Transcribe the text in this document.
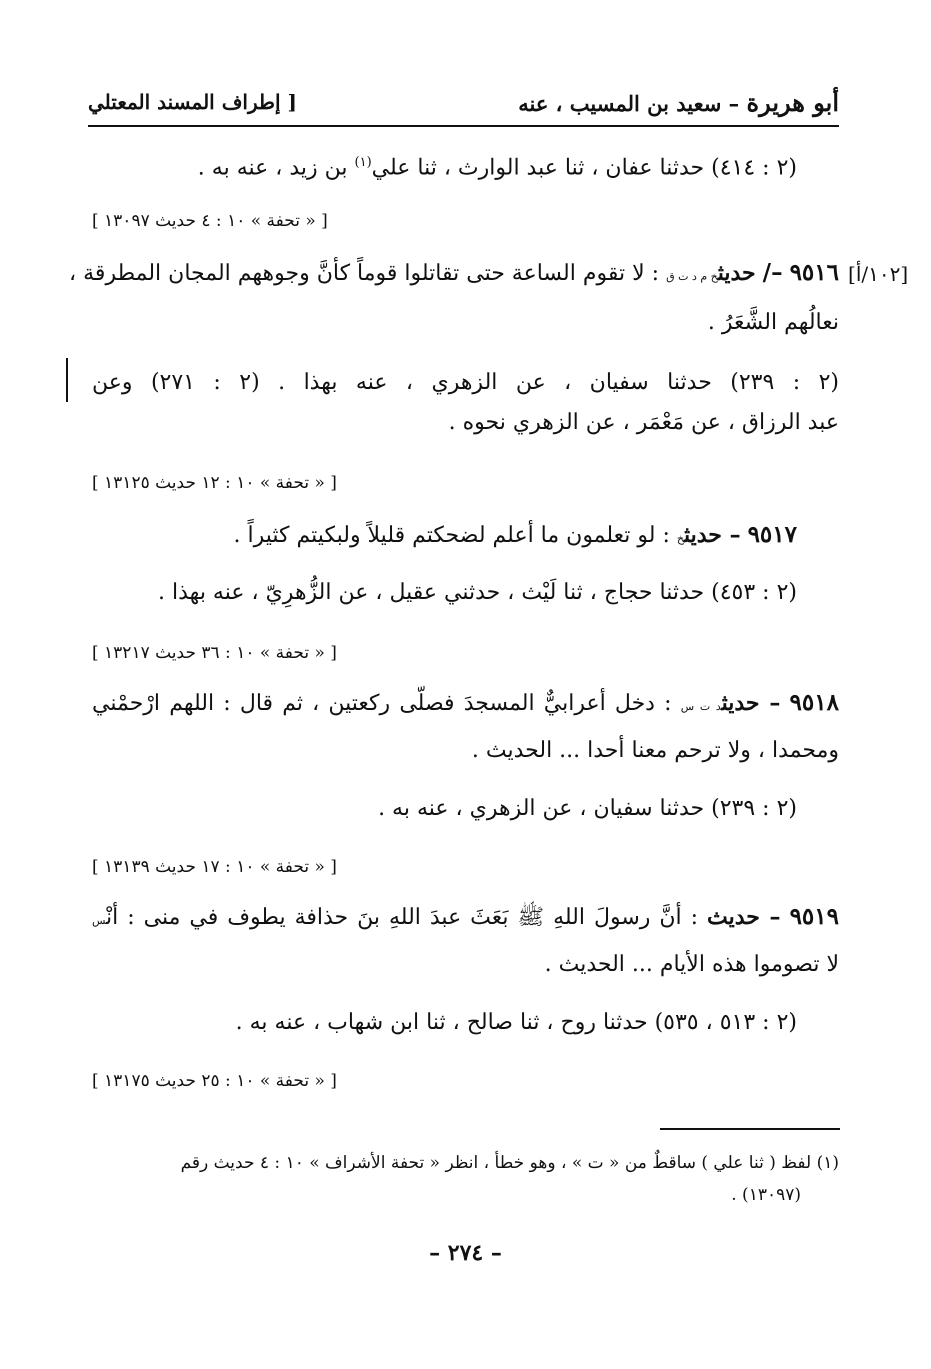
أبو هريرة – سعيد بن المسيب ، عنه
[ إطراف المسند المعتلي
(٢ : ٤١٤) حدثنا عفان ، ثنا عبد الوارث ، ثنا علي$^{(١)}$ بن زيد ، عنه به .
[ « تحفة » ١٠ : ٤ حديث ١٣٠٩٧ ]
[١٠٢/أ]
٩٥١٦ –/ حديثخ م د ت ق : لا تقوم الساعة حتى تقاتلوا قوماً كأنَّ وجوههم المجان المطرقة ،
نعالُهم الشَّعَرُ .
(٢ : ٢٣٩) حدثنا سفيان ، عن الزهري ، عنه بهذا . (٢ : ٢٧١) وعن
عبد الرزاق ، عن مَعْمَر ، عن الزهري نحوه .
[ « تحفة » ١٠ : ١٢ حديث ١٣١٢٥ ]
٩٥١٧ – حديثخ : لو تعلمون ما أعلم لضحكتم قليلاً ولبكيتم كثيراً .
(٢ : ٤٥٣) حدثنا حجاج ، ثنا لَيْث ، حدثني عقيل ، عن الزُّهرِيّ ، عنه بهذا .
[ « تحفة » ١٠ : ٣٦ حديث ١٣٢١٧ ]
٩٥١٨ – حديثد ت س : دخل أعرابيٌّ المسجدَ فصلّى ركعتين ، ثم قال : اللهم ارْحمْني
ومحمدا ، ولا ترحم معنا أحدا ... الحديث .
(٢ : ٢٣٩) حدثنا سفيان ، عن الزهري ، عنه به .
[ « تحفة » ١٠ : ١٧ حديث ١٣١٣٩ ]
٩٥١٩ – حديث : أنَّ رسولَ اللهِ ﷺ بَعَثَ عبدَ اللهِ بنَ حذافة يطوف في منى : أنْس
لا تصوموا هذه الأيام ... الحديث .
(٢ : ٥١٣ ، ٥٣٥) حدثنا روح ، ثنا صالح ، ثنا ابن شهاب ، عنه به .
[ « تحفة » ١٠ : ٢٥ حديث ١٣١٧٥ ]
(١) لفظ ( ثنا علي ) ساقطٌ من « ت » ، وهو خطأ ، انظر « تحفة الأشراف » ١٠ : ٤ حديث رقم
(١٣٠٩٧) .
– ٢٧٤ –
